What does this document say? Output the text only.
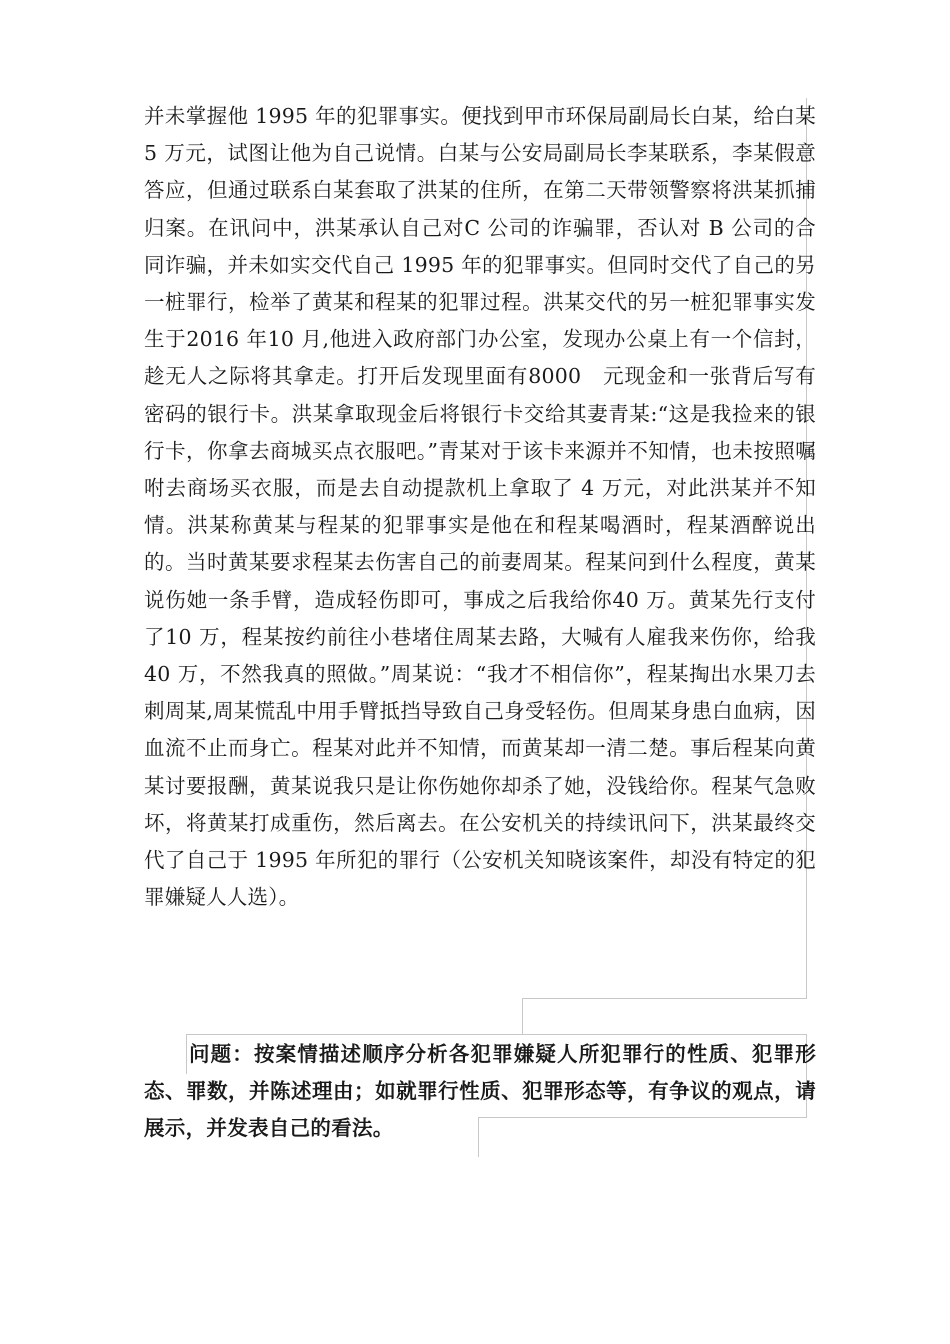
并未掌握他 1995 年的犯罪事实。便找到甲市环保局副局长白某，给白某 5 万元，试图让他为自己说情。白某与公安局副局长李某联系，李某假意答应，但通过联系白某套取了洪某的住所，在第二天带领警察将洪某抓捕归案。在讯问中，洪某承认自己对C 公司的诈骗罪，否认对 B 公司的合同诈骗，并未如实交代自己 1995 年的犯罪事实。但同时交代了自己的另一桩罪行，检举了黄某和程某的犯罪过程。洪某交代的另一桩犯罪事实发生于2016 年10 月,他进入政府部门办公室，发现办公桌上有一个信封，趁无人之际将其拿走。打开后发现里面有8000　元现金和一张背后写有密码的银行卡。洪某拿取现金后将银行卡交给其妻青某:“这是我捡来的银行卡，你拿去商城买点衣服吧。”青某对于该卡来源并不知情，也未按照嘱咐去商场买衣服，而是去自动提款机上拿取了 4 万元，对此洪某并不知情。洪某称黄某与程某的犯罪事实是他在和程某喝酒时，程某酒醉说出的。当时黄某要求程某去伤害自己的前妻周某。程某问到什么程度，黄某说伤她一条手臂，造成轻伤即可，事成之后我给你40 万。黄某先行支付了10 万，程某按约前往小巷堵住周某去路，大喊有人雇我来伤你，给我 40 万，不然我真的照做。”周某说：“我才不相信你”，程某掏出水果刀去刺周某,周某慌乱中用手臂抵挡导致自己身受轻伤。但周某身患白血病，因血流不止而身亡。程某对此并不知情，而黄某却一清二楚。事后程某向黄某讨要报酬，黄某说我只是让你伤她你却杀了她，没钱给你。程某气急败坏，将黄某打成重伤，然后离去。在公安机关的持续讯问下，洪某最终交代了自己于 1995 年所犯的罪行（公安机关知晓该案件，却没有特定的犯罪嫌疑人人选）。

问题：按案情描述顺序分析各犯罪嫌疑人所犯罪行的性质、犯罪形态、罪数，并陈述理由；如就罪行性质、犯罪形态等，有争议的观点，请展示，并发表自己的看法。
